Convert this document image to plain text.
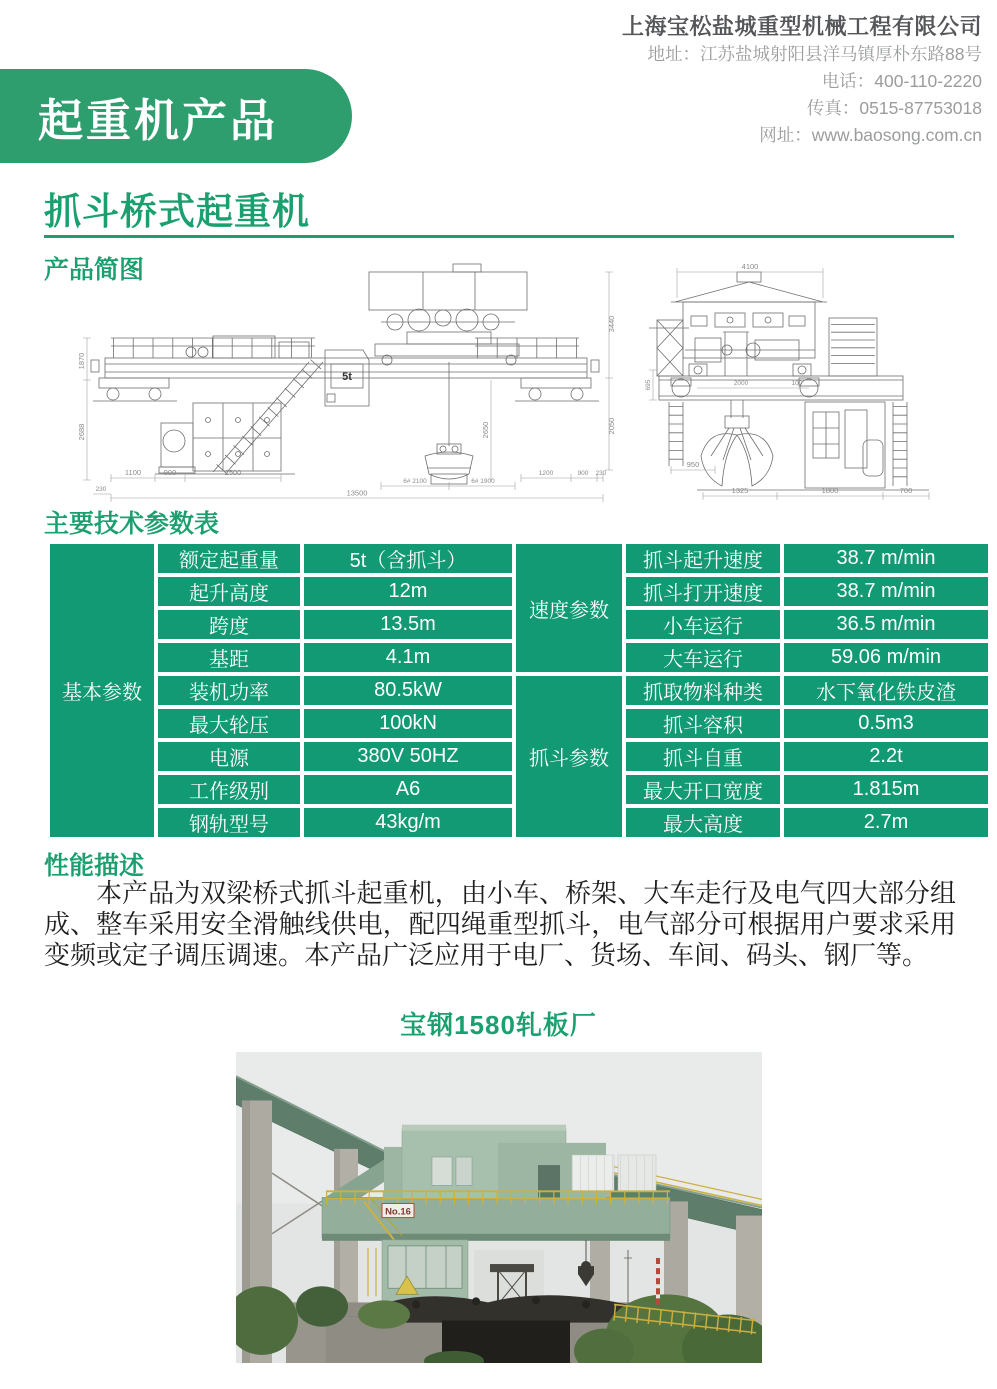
上海宝松盐城重型机械工程有限公司
地址：江苏盐城射阳县洋马镇厚朴东路88号
电话：400-110-2220
传真：0515-87753018
网址：www.baosong.com.cn
起重机产品
抓斗桥式起重机
产品简图
1870
2688
3440
2050
2650
1100	900	2500	1200	900 230
6# 2100	6# 1900
230	13500
5t
4100
695	2000	100
950
1325	1800	700
主要技术参数表
基本参数	额定起重量	5t（含抓斗）	速度参数	抓斗起升速度	38.7 m/min
	起升高度	12m		抓斗打开速度	38.7 m/min
	跨度	13.5m		小车运行	36.5 m/min
	基距	4.1m		大车运行	59.06 m/min
	装机功率	80.5kW	抓斗参数	抓取物料种类	水下氧化铁皮渣
	最大轮压	100kN		抓斗容积	0.5m3
	电源	380V 50HZ		抓斗自重	2.2t
	工作级别	A6		最大开口宽度	1.815m
	钢轨型号	43kg/m		最大高度	2.7m
性能描述
本产品为双梁桥式抓斗起重机，由小车、桥架、大车走行及电气四大部分组成、整车采用安全滑触线供电，配四绳重型抓斗，电气部分可根据用户要求采用变频或定子调压调速。本产品广泛应用于电厂、货场、车间、码头、钢厂等。
宝钢1580轧板厂
No.16
